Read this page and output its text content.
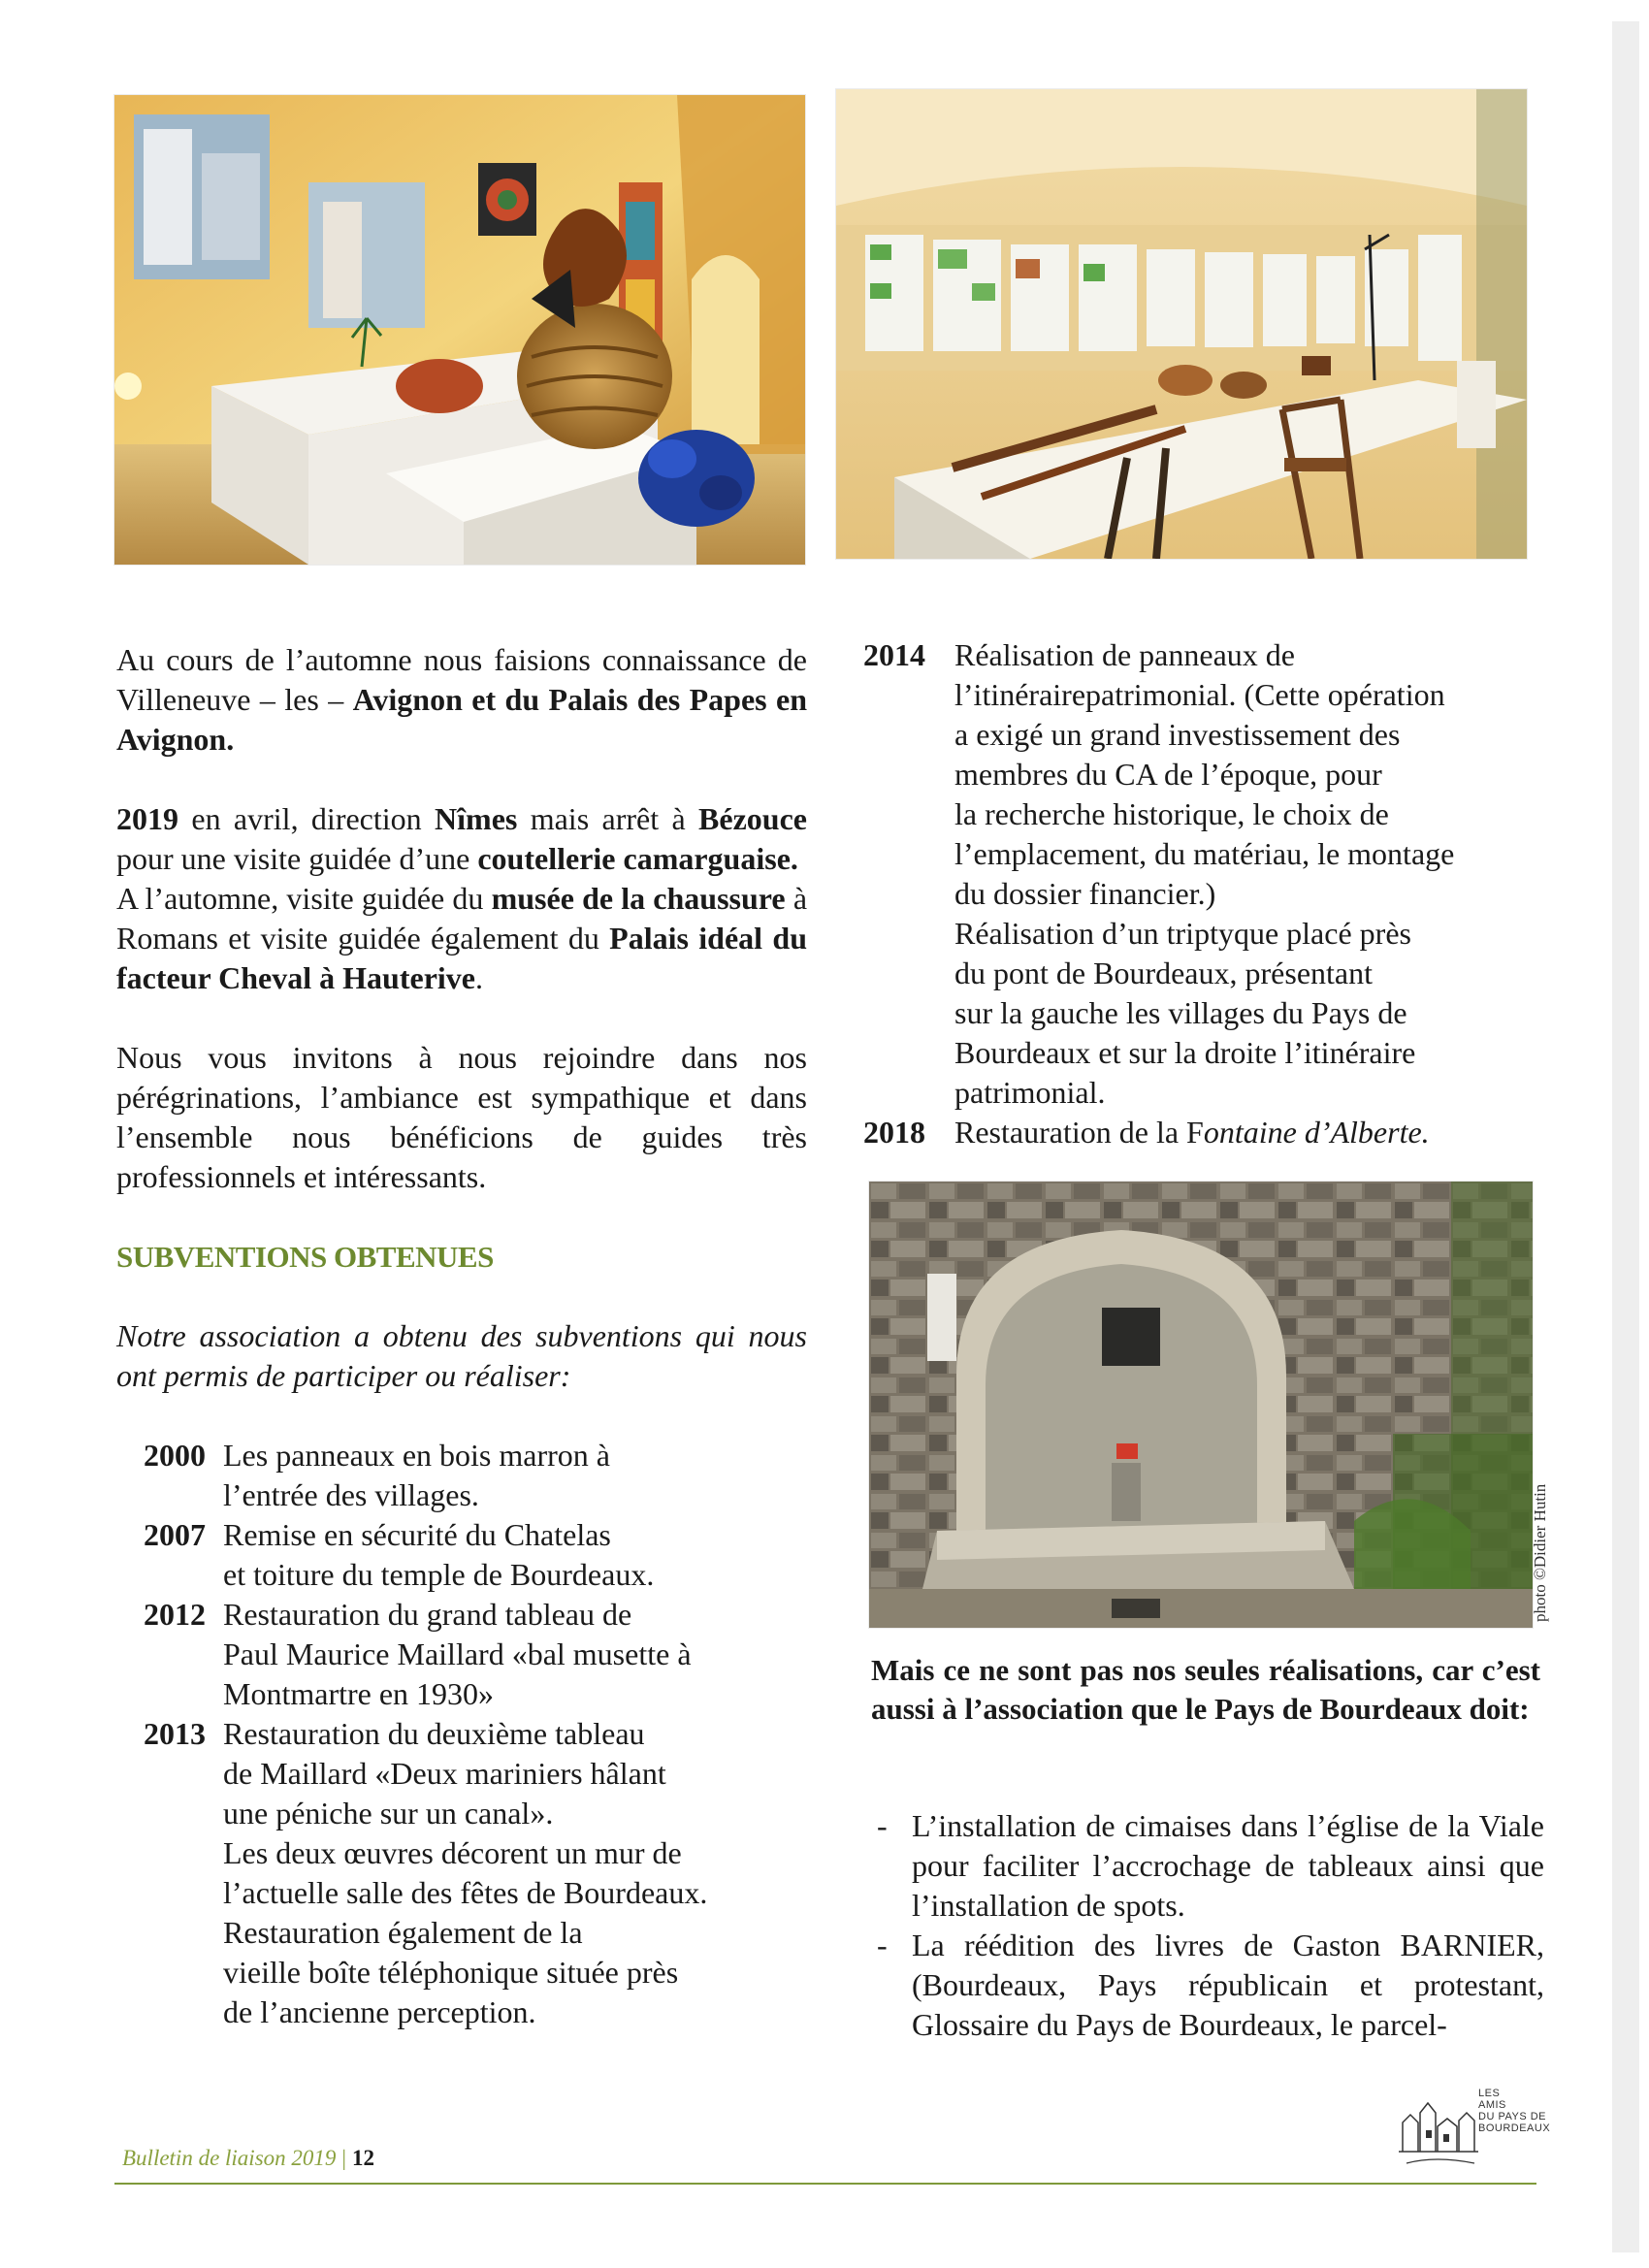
photo ©Didier Hutin

Au cours de l’automne nous faisions connaissance de Villeneuve – les – Avignon et du Palais des Papes en Avignon.

2019 en avril, direction Nîmes mais arrêt à Bézouce pour une visite guidée d’une coutellerie camarguaise.

A l’automne, visite guidée du musée de la chaussure à Romans et visite guidée également du Palais idéal du facteur Cheval à Hauterive.

Nous vous invitons à nous rejoindre dans nos pérégrinations, l’ambiance est sympathique et dans l’ensemble nous bénéficions de guides très professionnels et intéressants.

SUBVENTIONS OBTENUES

Notre association a obtenu des subventions qui nous ont permis de participer ou réaliser:

2000 Les panneaux en bois marron à
l’entrée des villages.
2007 Remise en sécurité du Chatelas
et toiture du temple de Bourdeaux.
2012 Restauration du grand tableau de
Paul Maurice Maillard «bal musette à
Montmartre en 1930»
2013 Restauration du deuxième tableau
de Maillard «Deux mariniers hâlant
une péniche sur un canal».
Les deux œuvres décorent un mur de
l’actuelle salle des fêtes de Bourdeaux.
Restauration également de la
vieille boîte téléphonique située près
de l’ancienne perception.
2014 Réalisation de panneaux de
l’itinérairepatrimonial. (Cette opération
a exigé un grand investissement des
membres du CA de l’époque, pour
la recherche historique, le choix de
l’emplacement, du matériau, le montage
du dossier financier.)
Réalisation d’un triptyque placé près
du pont de Bourdeaux, présentant
sur la gauche les villages du Pays de
Bourdeaux et sur la droite l’itinéraire
patrimonial.
2018 Restauration de la Fontaine d’Alberte.
Mais ce ne sont pas nos seules réalisations, car c’est aussi à l’association que le Pays de Bourdeaux doit:
- L’installation de cimaises dans l’église de la Viale pour faciliter l’accrochage de tableaux ainsi que l’installation de spots.
- La réédition des livres de Gaston BARNIER, (Bourdeaux, Pays républicain et protestant, Glossaire du Pays de Bourdeaux, le parcel-
Bulletin de liaison 2019 | 12
LES
AMIS
DU PAYS DE
BOURDEAUX
